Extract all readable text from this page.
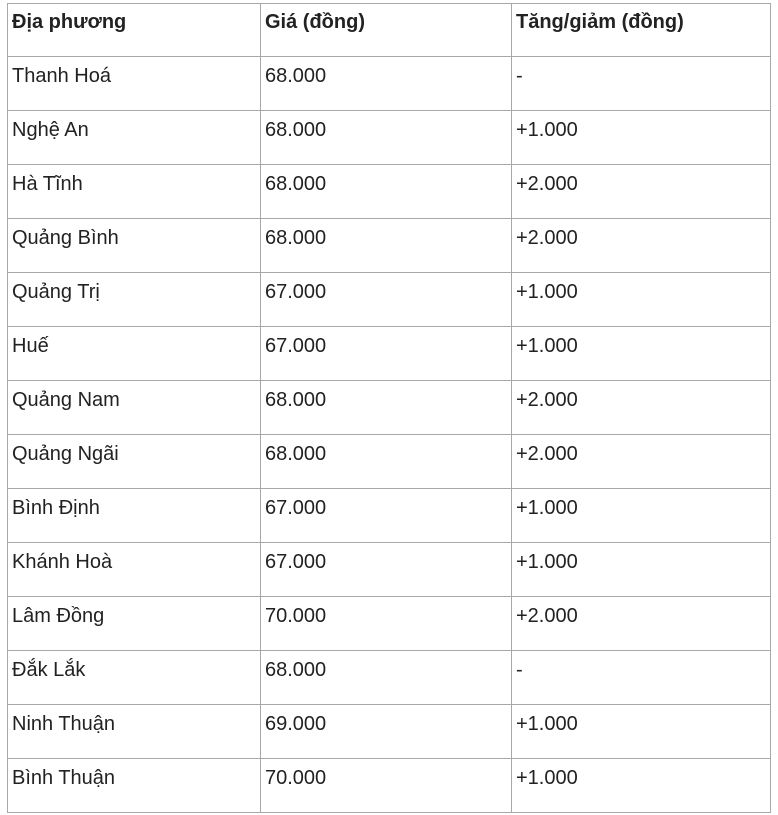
Địa phương	Giá (đồng)	Tăng/giảm (đồng)
Thanh Hoá	68.000	-
Nghệ An	68.000	+1.000
Hà Tĩnh	68.000	+2.000
Quảng Bình	68.000	+2.000
Quảng Trị	67.000	+1.000
Huế	67.000	+1.000
Quảng Nam	68.000	+2.000
Quảng Ngãi	68.000	+2.000
Bình Định	67.000	+1.000
Khánh Hoà	67.000	+1.000
Lâm Đồng	70.000	+2.000
Đắk Lắk	68.000	-
Ninh Thuận	69.000	+1.000
Bình Thuận	70.000	+1.000
